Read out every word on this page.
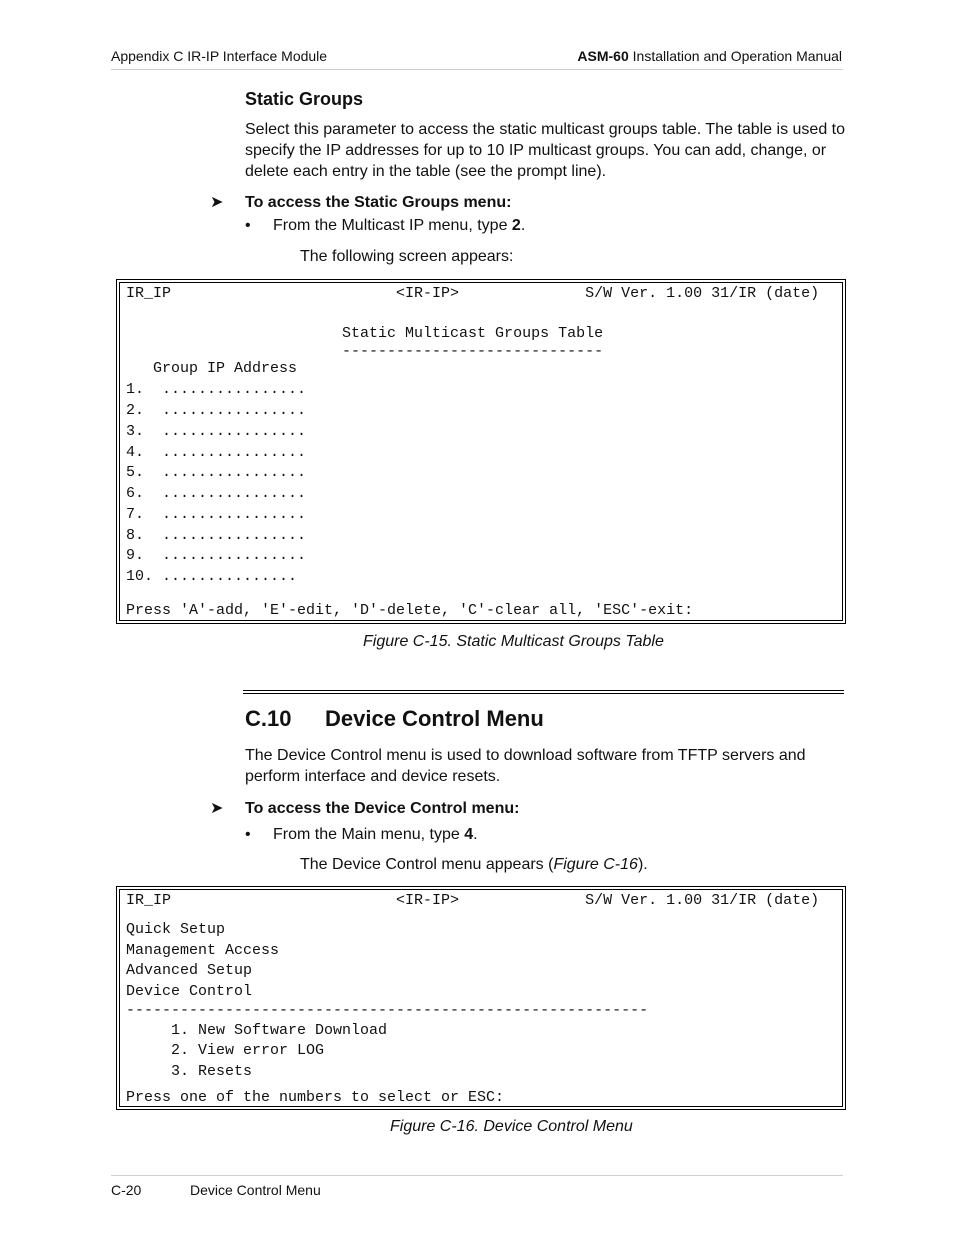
Appendix C IR-IP Interface Module	ASM-60 Installation and Operation Manual
Static Groups
Select this parameter to access the static multicast groups table. The table is used to specify the IP addresses for up to 10 IP multicast groups. You can add, change, or delete each entry in the table (see the prompt line).
➤ To access the Static Groups menu:
• From the Multicast IP menu, type 2.
The following screen appears:
IR_IP                         <IR-IP>              S/W Ver. 1.00 31/IR (date)
Static Multicast Groups Table
-----------------------------
Group IP Address
1.  ................
2.  ................
3.  ................
4.  ................
5.  ................
6.  ................
7.  ................
8.  ................
9.  ................
10. ...............
Press 'A'-add, 'E'-edit, 'D'-delete, 'C'-clear all, 'ESC'-exit:
Figure C-15. Static Multicast Groups Table
C.10 Device Control Menu
The Device Control menu is used to download software from TFTP servers and perform interface and device resets.
➤ To access the Device Control menu:
• From the Main menu, type 4.
The Device Control menu appears (Figure C-16).
IR_IP                         <IR-IP>              S/W Ver. 1.00 31/IR (date)
Quick Setup
Management Access
Advanced Setup
Device Control
----------------------------------------------------------
1. New Software Download
2. View error LOG
3. Resets
Press one of the numbers to select or ESC:
Figure C-16. Device Control Menu
C-20	Device Control Menu
